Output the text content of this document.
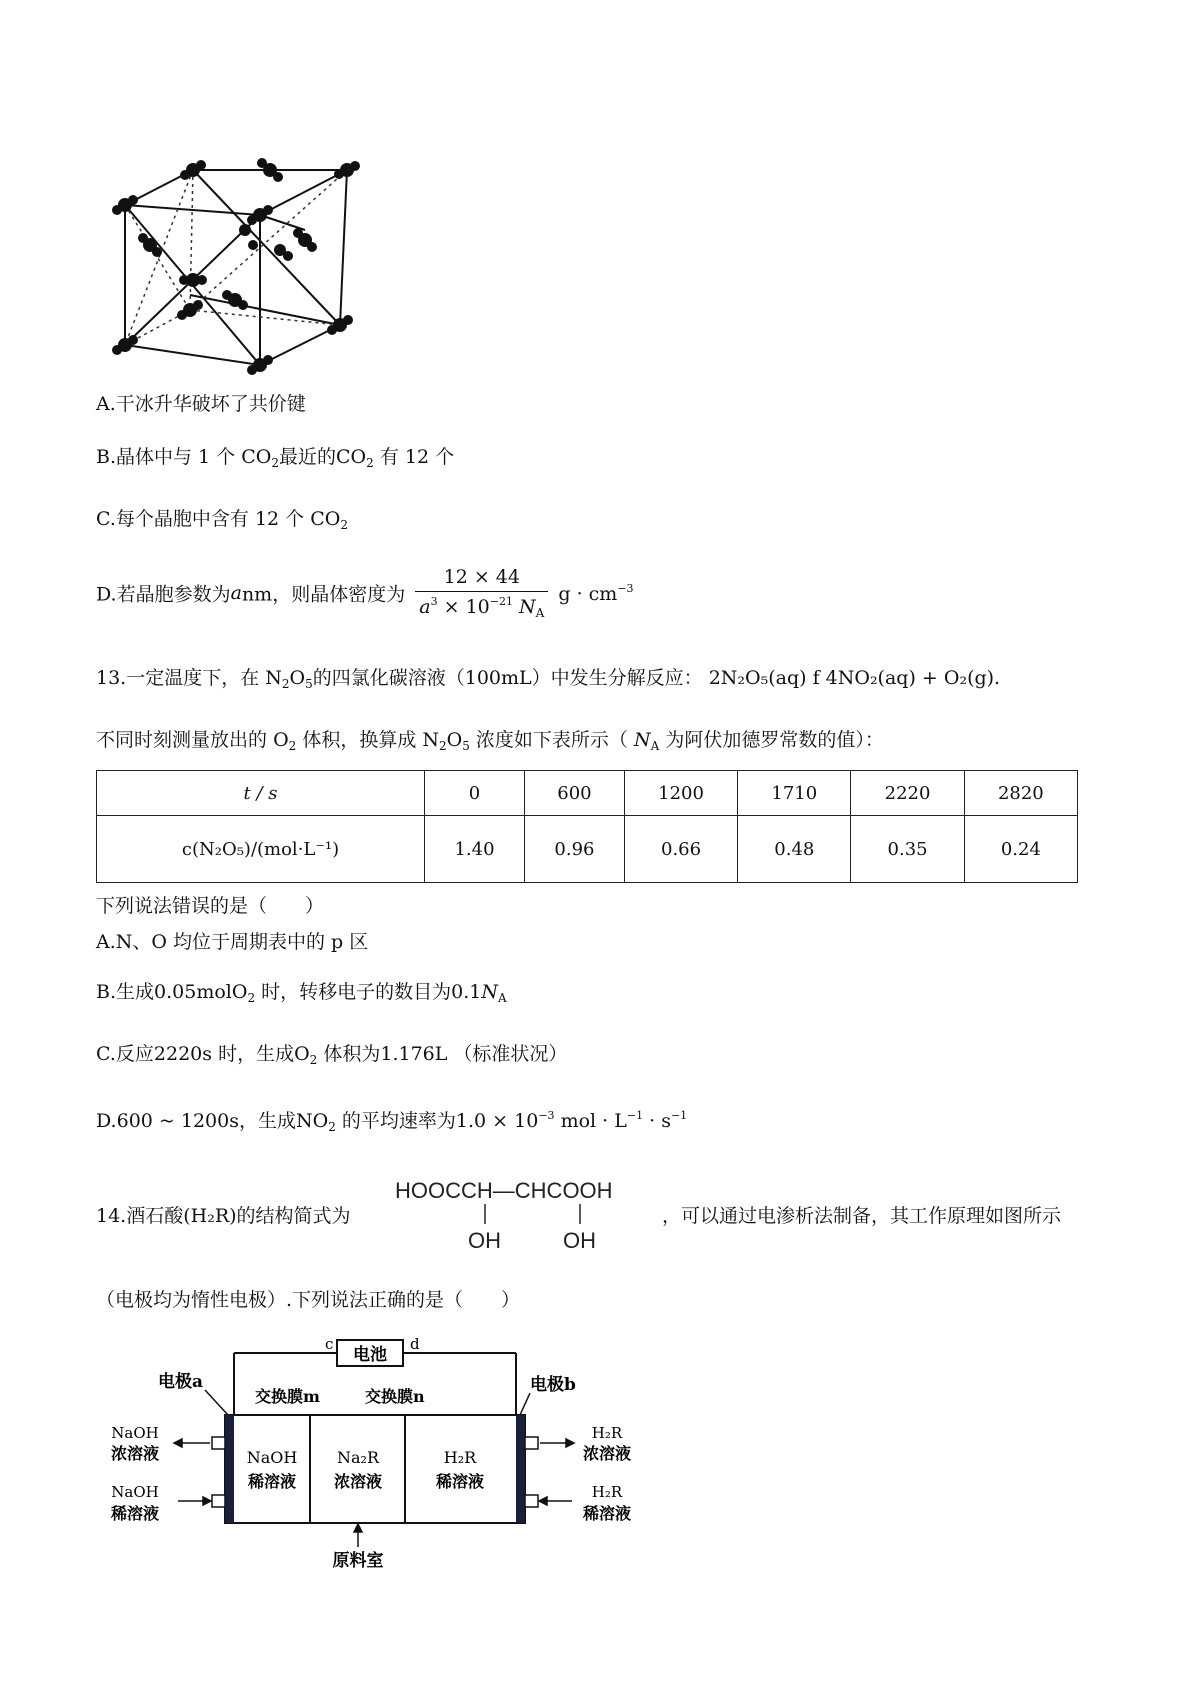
A.干冰升华破坏了共价键
B.晶体中与 1 个 $CO_2$最近的$CO_2$ 有 12 个
C.每个晶胞中含有 12 个 $CO_2$
D.若晶胞参数为anm，则晶体密度为 $\frac{12 \times 44}{a^3 \times 10^{-21} N_A}$ $g \cdot cm^{-3}$
13.一定温度下，在 $N_2O_5$的四氯化碳溶液（100mL）中发生分解反应： 2N₂O₅(aq) f 4NO₂(aq) + O₂(g).
不同时刻测量放出的 $O_2$ 体积，换算成 $N_2O_5$ 浓度如下表所示（ $N_A$ 为阿伏加德罗常数的值）：
t / s	0	600	1200	1710	2220	2820
c(N₂O₅)/(mol·L⁻¹)	1.40	0.96	0.66	0.48	0.35	0.24
下列说法错误的是（　　）
A.N、O 均位于周期表中的 p 区
B.生成0.05molO$_2$ 时，转移电子的数目为$0.1N_A$
C.反应2220s 时，生成$O_2$ 体积为1.176L （标准状况）
D.600 ~ 1200s，生成$NO_2$ 的平均速率为$1.0 \times 10^{-3}$ mol · $L^{-1} \cdot s^{-1}$
14.酒石酸(H₂R)的结构简式为
HOOCCH—CHCOOH
OH	OH
，可以通过电渗析法制备，其工作原理如图所示
（电极均为惰性电极）.下列说法正确的是（　　）
电池
c	d
电极a	电极b
交换膜m	交换膜n
NaOH
稀溶液
Na₂R
浓溶液
H₂R
稀溶液
NaOH
浓溶液
NaOH
稀溶液
H₂R
浓溶液
H₂R
稀溶液
原料室
